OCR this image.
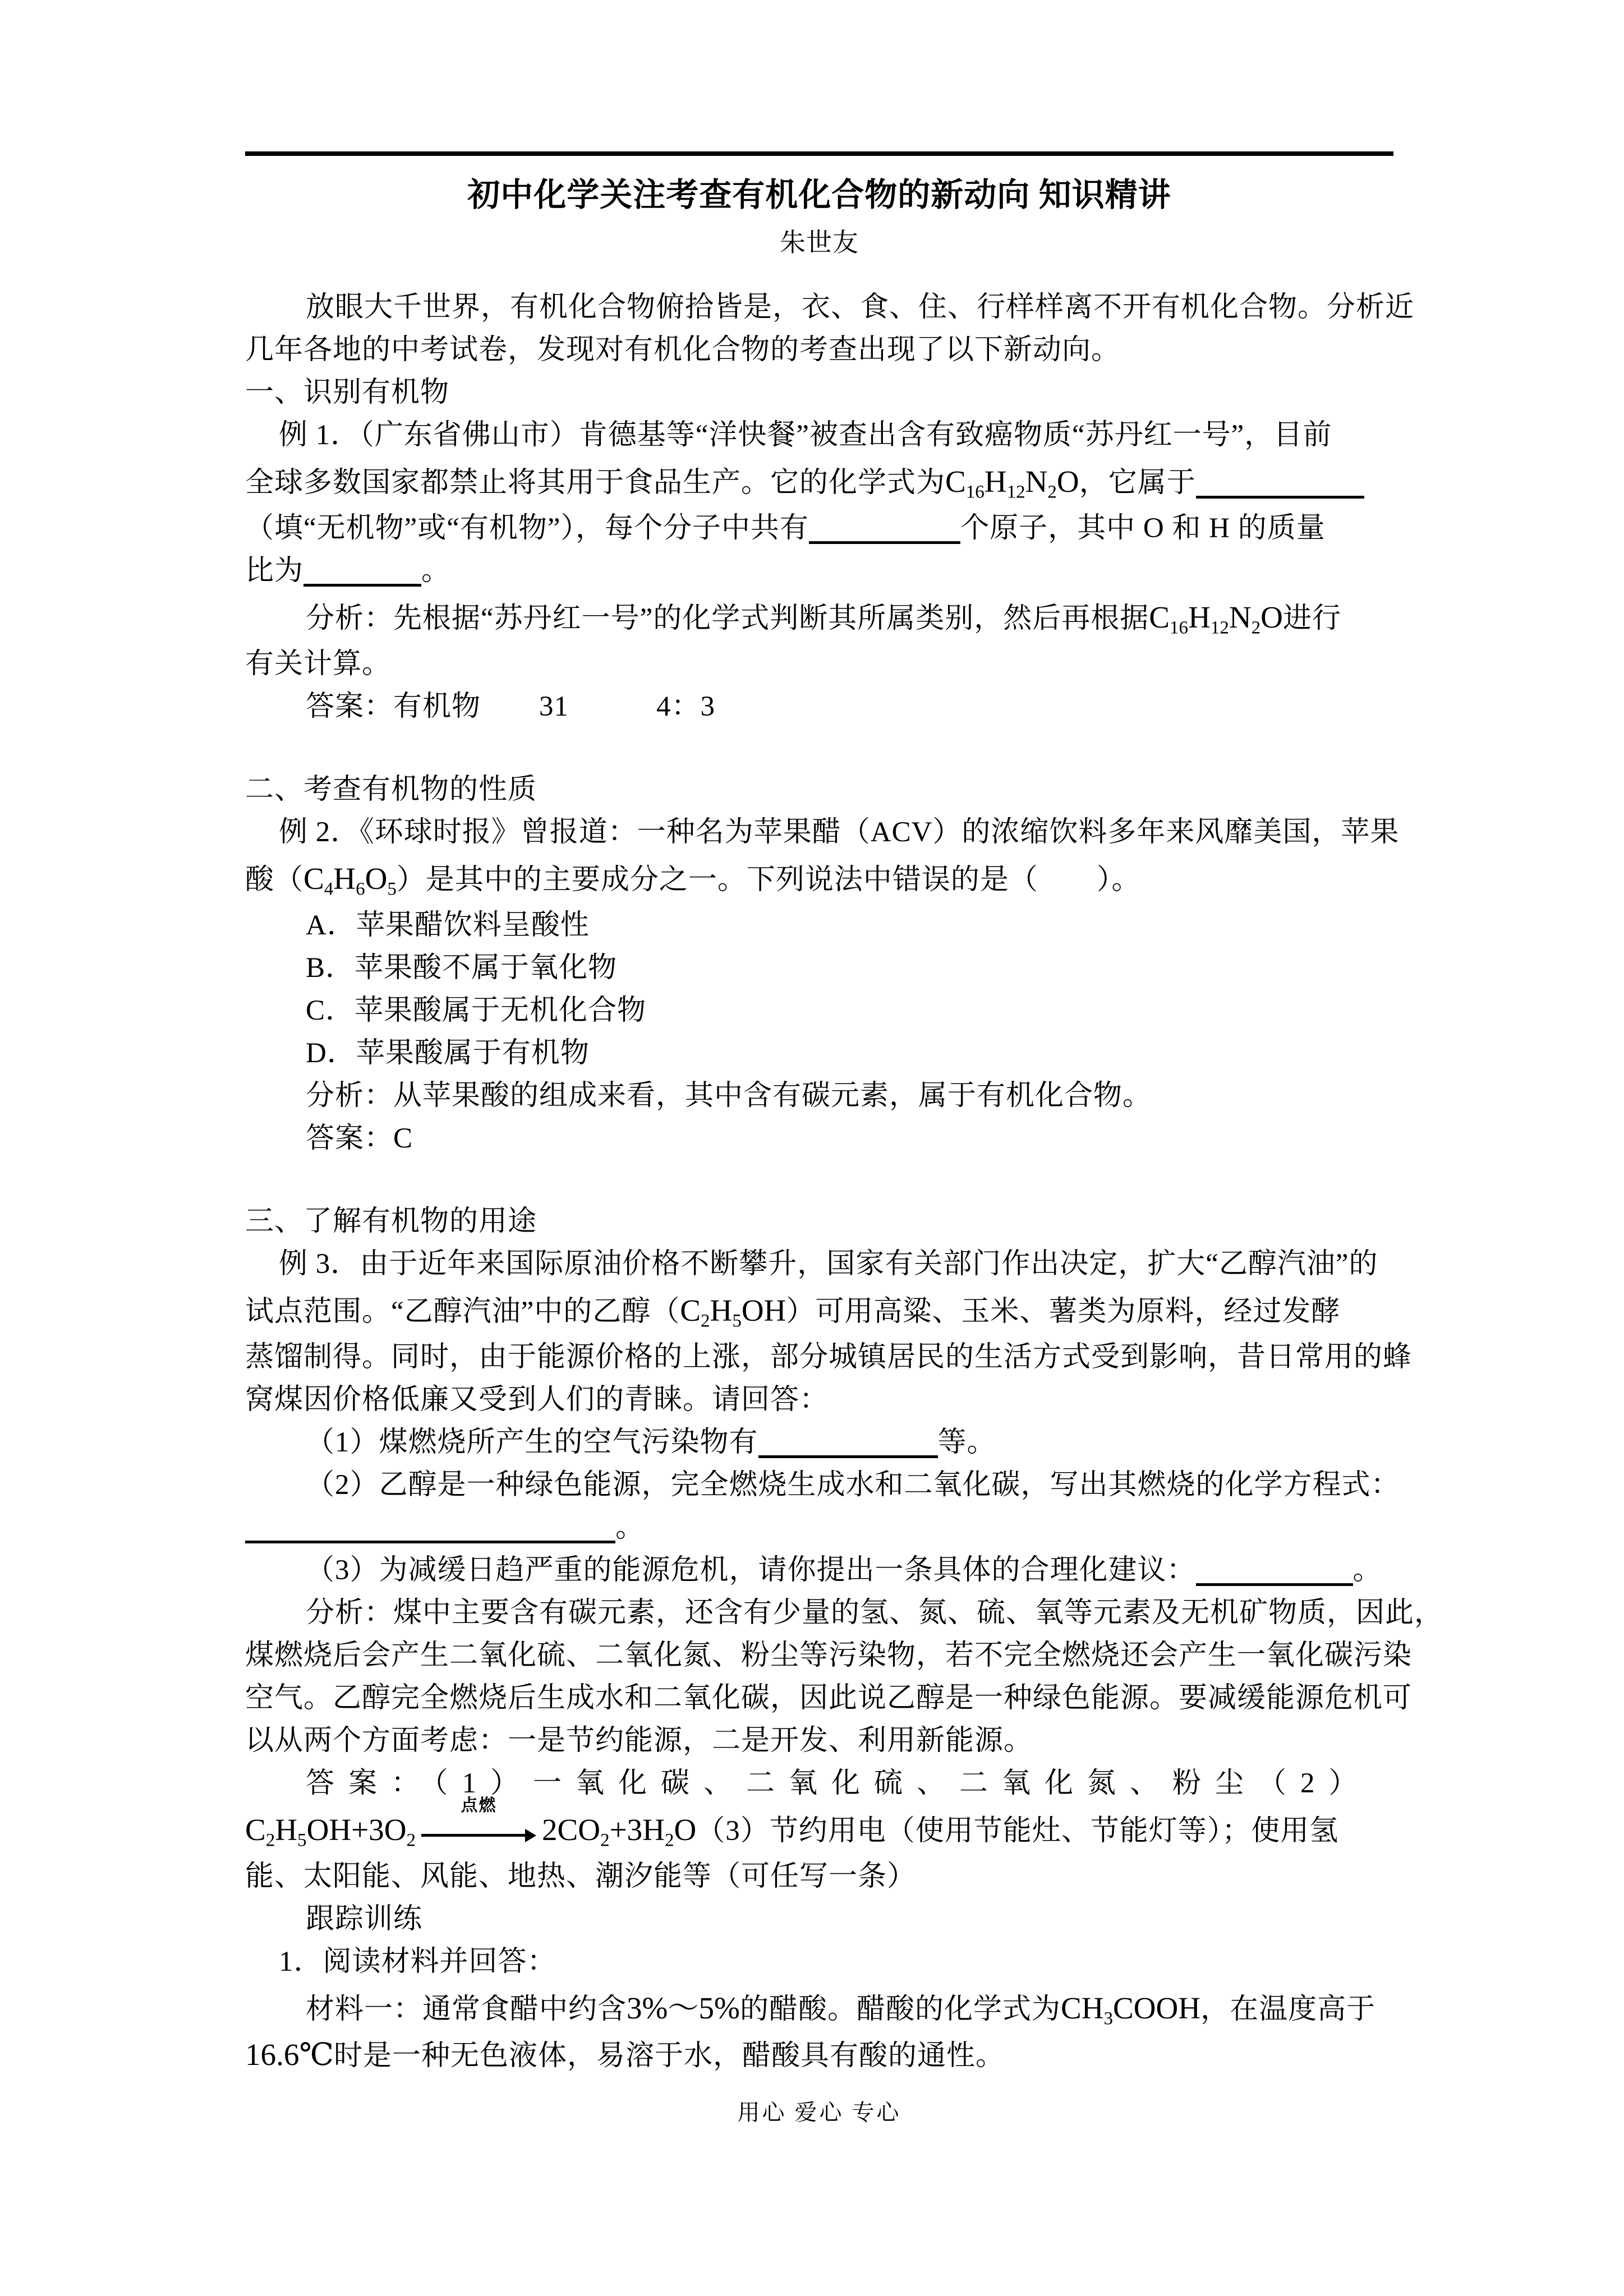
初中化学关注考查有机化合物的新动向 知识精讲
朱世友
放眼大千世界，有机化合物俯拾皆是，衣、食、住、行样样离不开有机化合物。分析近
几年各地的中考试卷，发现对有机化合物的考查出现了以下新动向。
一、识别有机物
例 1．（广东省佛山市）肯德基等“洋快餐”被查出含有致癌物质“苏丹红一号”，目前
全球多数国家都禁止将其用于食品生产。它的化学式为$C_{16}H_{12}N_2O$，它属于
（填“无机物”或“有机物”），每个分子中共有	个原子，其中 O 和 H 的质量
比为	。
分析：先根据“苏丹红一号”的化学式判断其所属类别，然后再根据$C_{16}H_{12}N_2O$进行
有关计算。
答案：有机物　　31　　　4：3
二、考查有机物的性质
例 2．《环球时报》曾报道：一种名为苹果醋（ACV）的浓缩饮料多年来风靡美国，苹果
酸$(C_4H_6O_5)$是其中的主要成分之一。下列说法中错误的是（　　）。
A．苹果醋饮料呈酸性
B．苹果酸不属于氧化物
C．苹果酸属于无机化合物
D．苹果酸属于有机物
分析：从苹果酸的组成来看，其中含有碳元素，属于有机化合物。
答案：C
三、了解有机物的用途
例 3．由于近年来国际原油价格不断攀升，国家有关部门作出决定，扩大“乙醇汽油”的
试点范围。“乙醇汽油”中的乙醇$(C_2H_5OH)$可用高粱、玉米、薯类为原料，经过发酵
蒸馏制得。同时，由于能源价格的上涨，部分城镇居民的生活方式受到影响，昔日常用的蜂
窝煤因价格低廉又受到人们的青睐。请回答：
（1）煤燃烧所产生的空气污染物有	等。
（2）乙醇是一种绿色能源，完全燃烧生成水和二氧化碳，写出其燃烧的化学方程式：
。
（3）为减缓日趋严重的能源危机，请你提出一条具体的合理化建议：	。
分析：煤中主要含有碳元素，还含有少量的氢、氮、硫、氧等元素及无机矿物质，因此，
煤燃烧后会产生二氧化硫、二氧化氮、粉尘等污染物，若不完全燃烧还会产生一氧化碳污染
空气。乙醇完全燃烧后生成水和二氧化碳，因此说乙醇是一种绿色能源。要减缓能源危机可
以从两个方面考虑：一是节约能源，二是开发、利用新能源。
答案：（1）一氧化碳、二氧化硫、二氧化氮、粉尘（2）
$C_2H_5OH+3O_2$
点燃
$2CO_2+3H_2O(3)$节约用电（使用节能灶、节能灯等）；使用氢
能、太阳能、风能、地热、潮汐能等（可任写一条）
跟踪训练
1．阅读材料并回答：
材料一：通常食醋中约含3%～5%的醋酸。醋酸的化学式为$CH_3COOH$，在温度高于
16.6℃时是一种无色液体，易溶于水，醋酸具有酸的通性。
用心 爱心 专心
